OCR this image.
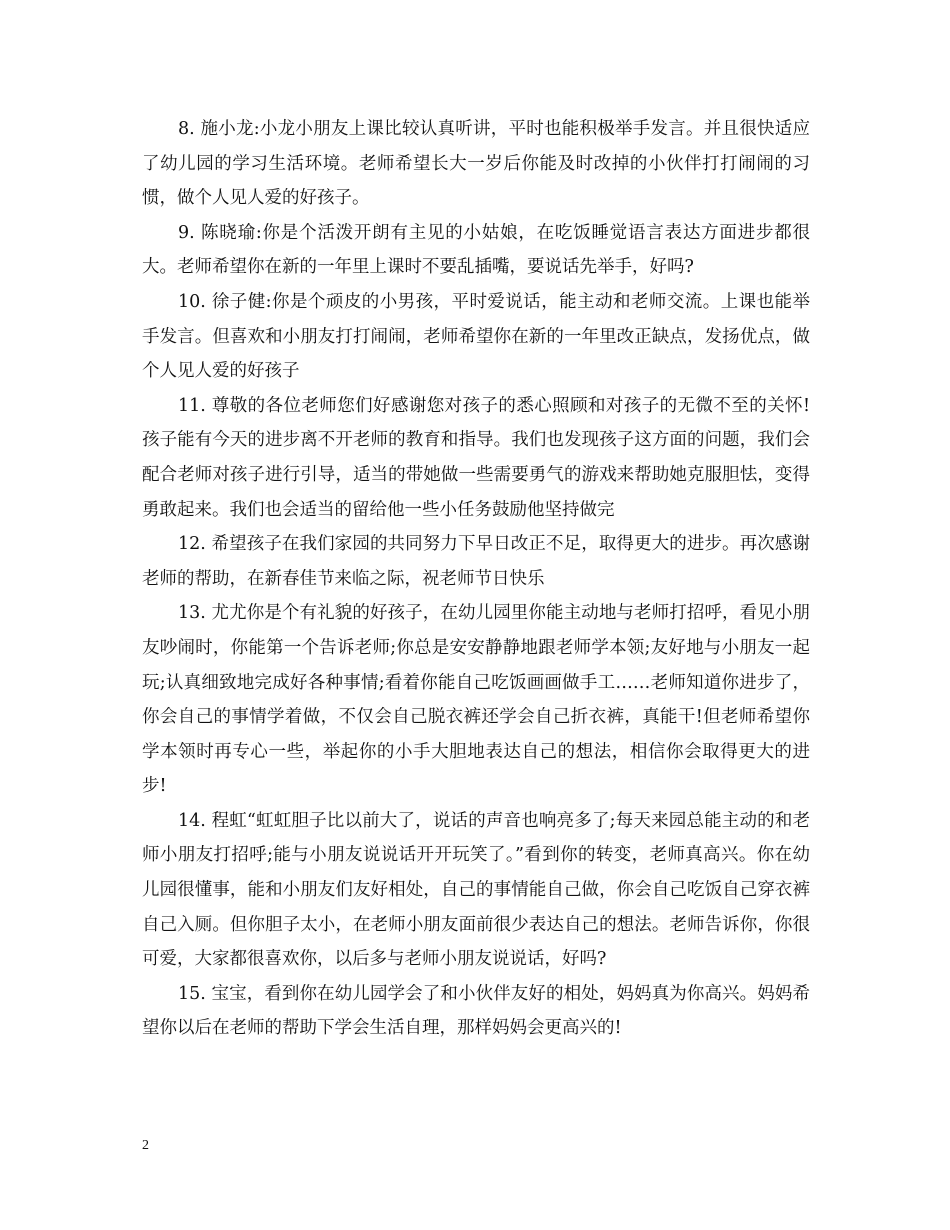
8. 施小龙:小龙小朋友上课比较认真听讲，平时也能积极举手发言。并且很快适应了幼儿园的学习生活环境。老师希望长大一岁后你能及时改掉的小伙伴打打闹闹的习惯，做个人见人爱的好孩子。

9. 陈晓瑜:你是个活泼开朗有主见的小姑娘，在吃饭睡觉语言表达方面进步都很大。老师希望你在新的一年里上课时不要乱插嘴，要说话先举手，好吗?

10. 徐子健:你是个顽皮的小男孩，平时爱说话，能主动和老师交流。上课也能举手发言。但喜欢和小朋友打打闹闹，老师希望你在新的一年里改正缺点，发扬优点，做个人见人爱的好孩子

11. 尊敬的各位老师您们好感谢您对孩子的悉心照顾和对孩子的无微不至的关怀!孩子能有今天的进步离不开老师的教育和指导。我们也发现孩子这方面的问题，我们会配合老师对孩子进行引导，适当的带她做一些需要勇气的游戏来帮助她克服胆怯，变得勇敢起来。我们也会适当的留给他一些小任务鼓励他坚持做完

12. 希望孩子在我们家园的共同努力下早日改正不足，取得更大的进步。再次感谢老师的帮助，在新春佳节来临之际，祝老师节日快乐

13. 尤尤你是个有礼貌的好孩子，在幼儿园里你能主动地与老师打招呼，看见小朋友吵闹时，你能第一个告诉老师;你总是安安静静地跟老师学本领;友好地与小朋友一起玩;认真细致地完成好各种事情;看着你能自己吃饭画画做手工……老师知道你进步了，你会自己的事情学着做，不仅会自己脱衣裤还学会自己折衣裤，真能干!但老师希望你学本领时再专心一些，举起你的小手大胆地表达自己的想法，相信你会取得更大的进步!

14. 程虹“虹虹胆子比以前大了，说话的声音也响亮多了;每天来园总能主动的和老师小朋友打招呼;能与小朋友说说话开开玩笑了。”看到你的转变，老师真高兴。你在幼儿园很懂事，能和小朋友们友好相处，自己的事情能自己做，你会自己吃饭自己穿衣裤自己入厕。但你胆子太小，在老师小朋友面前很少表达自己的想法。老师告诉你，你很可爱，大家都很喜欢你，以后多与老师小朋友说说话，好吗?

15. 宝宝，看到你在幼儿园学会了和小伙伴友好的相处，妈妈真为你高兴。妈妈希望你以后在老师的帮助下学会生活自理，那样妈妈会更高兴的!

2
